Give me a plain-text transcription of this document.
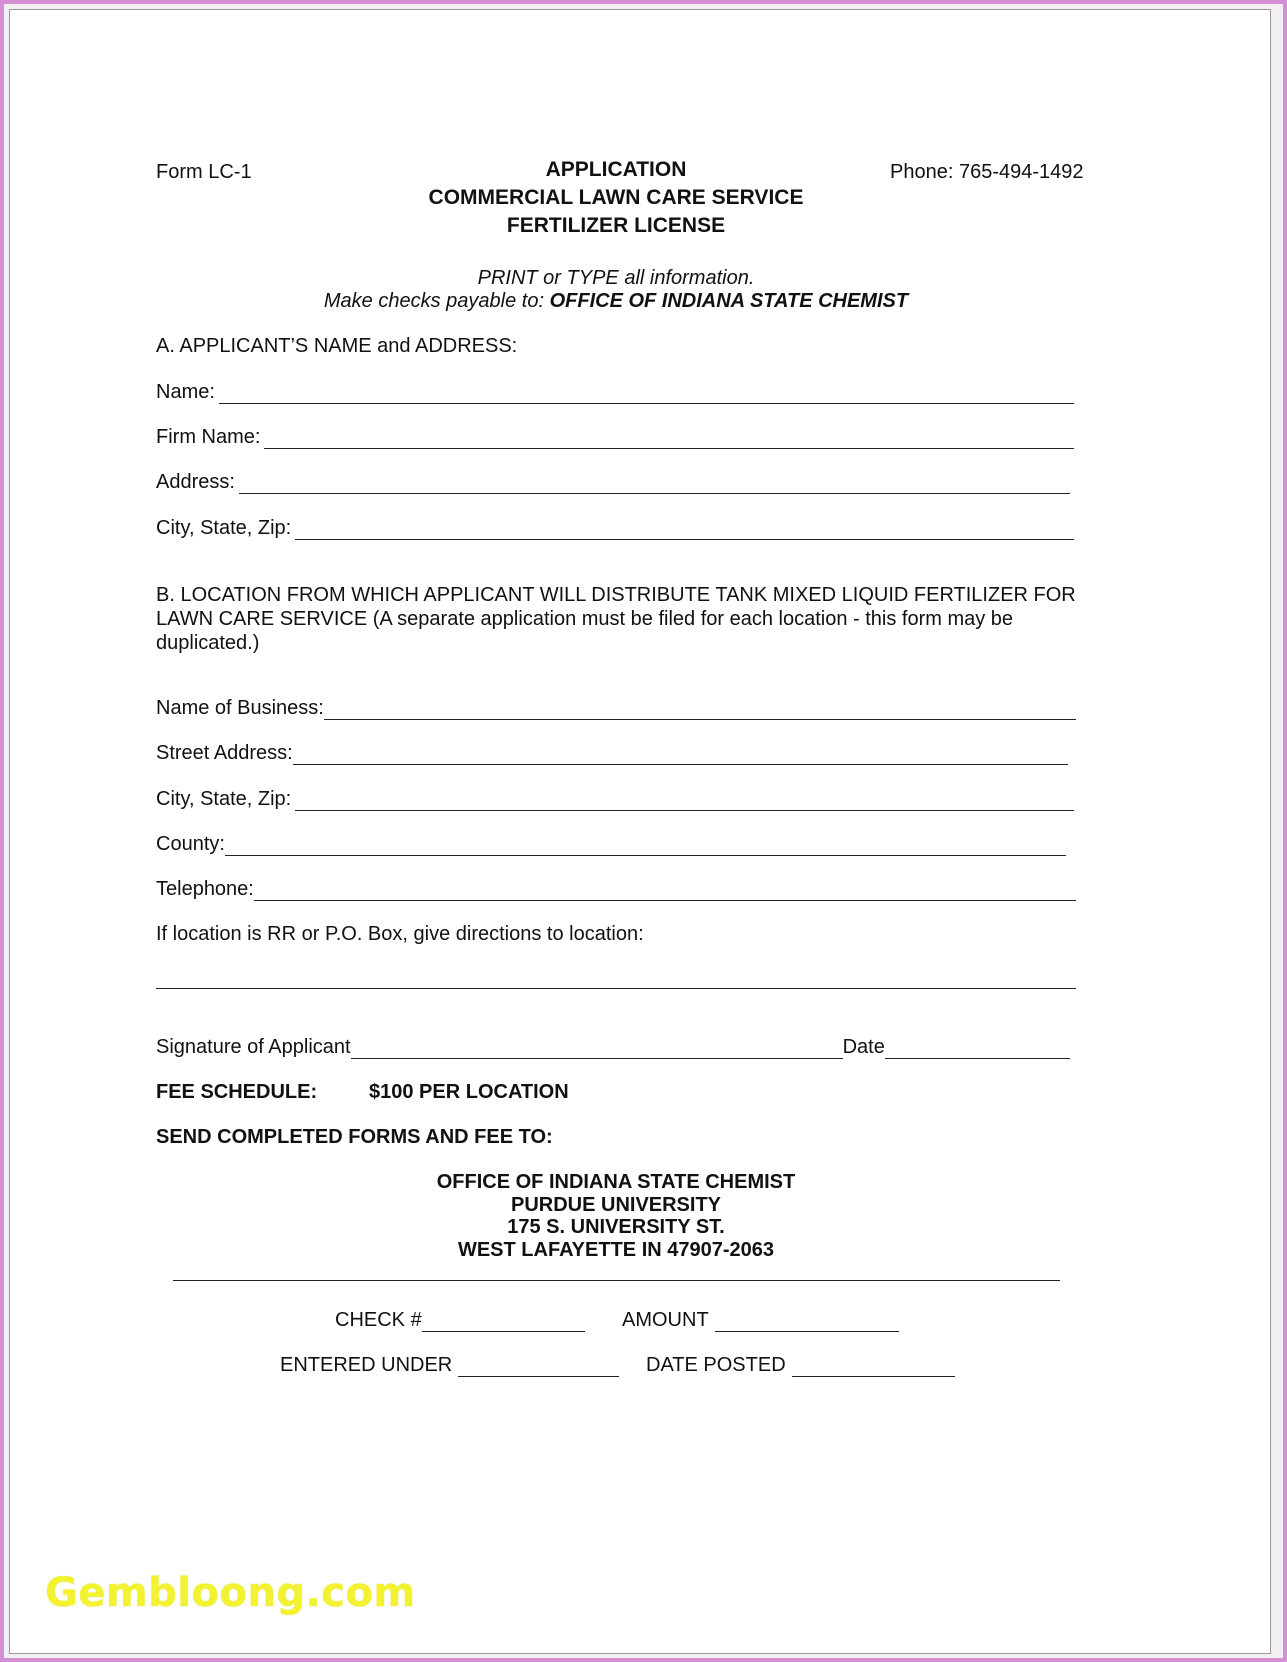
Form LC-1	APPLICATION
COMMERCIAL LAWN CARE SERVICE
FERTILIZER LICENSE
Phone: 765-494-1492
PRINT or TYPE all information.
Make checks payable to: OFFICE OF INDIANA STATE CHEMIST
A. APPLICANT’S NAME and ADDRESS:
Name:
Firm Name:
Address:
City, State, Zip:
B. LOCATION FROM WHICH APPLICANT WILL DISTRIBUTE TANK MIXED LIQUID FERTILIZER FOR LAWN CARE SERVICE (A separate application must be filed for each location - this form may be duplicated.)
Name of Business:
Street Address:
City, State, Zip:
County:
Telephone:
If location is RR or P.O. Box, give directions to location:
Signature of Applicant	Date
FEE SCHEDULE:	$100 PER LOCATION
SEND COMPLETED FORMS AND FEE TO:
OFFICE OF INDIANA STATE CHEMIST
PURDUE UNIVERSITY
175 S. UNIVERSITY ST.
WEST LAFAYETTE IN 47907-2063
CHECK #	AMOUNT
ENTERED UNDER	DATE POSTED
Gembloong.com
